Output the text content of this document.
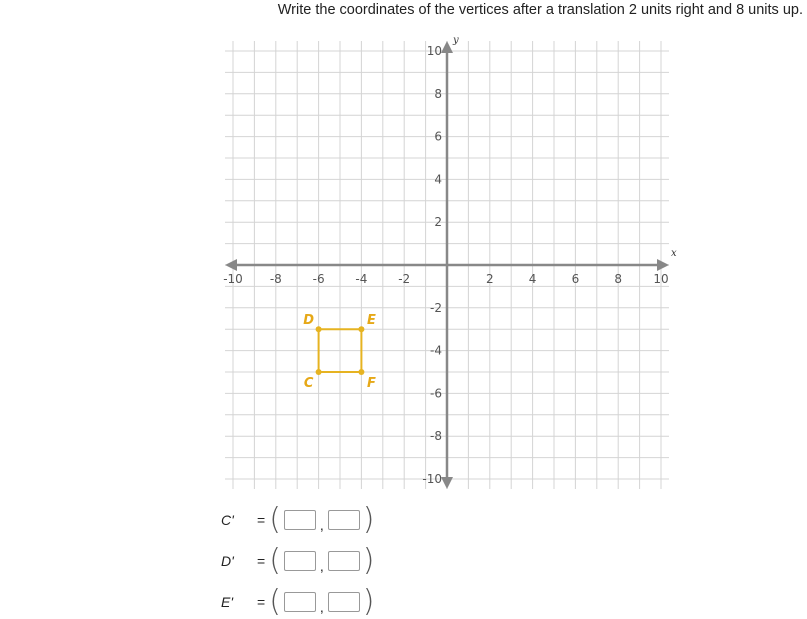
Write the coordinates of the vertices after a translation 2 units right and 8 units up.
x
y
-10 -8	-6	-4	-2	2	4	6	8	10
10
8
6
4
2
-2
-4
-6
-8
-10
D	E
F
C
C'	= (	, )
D'	= (	, )
E'	= (	, )
